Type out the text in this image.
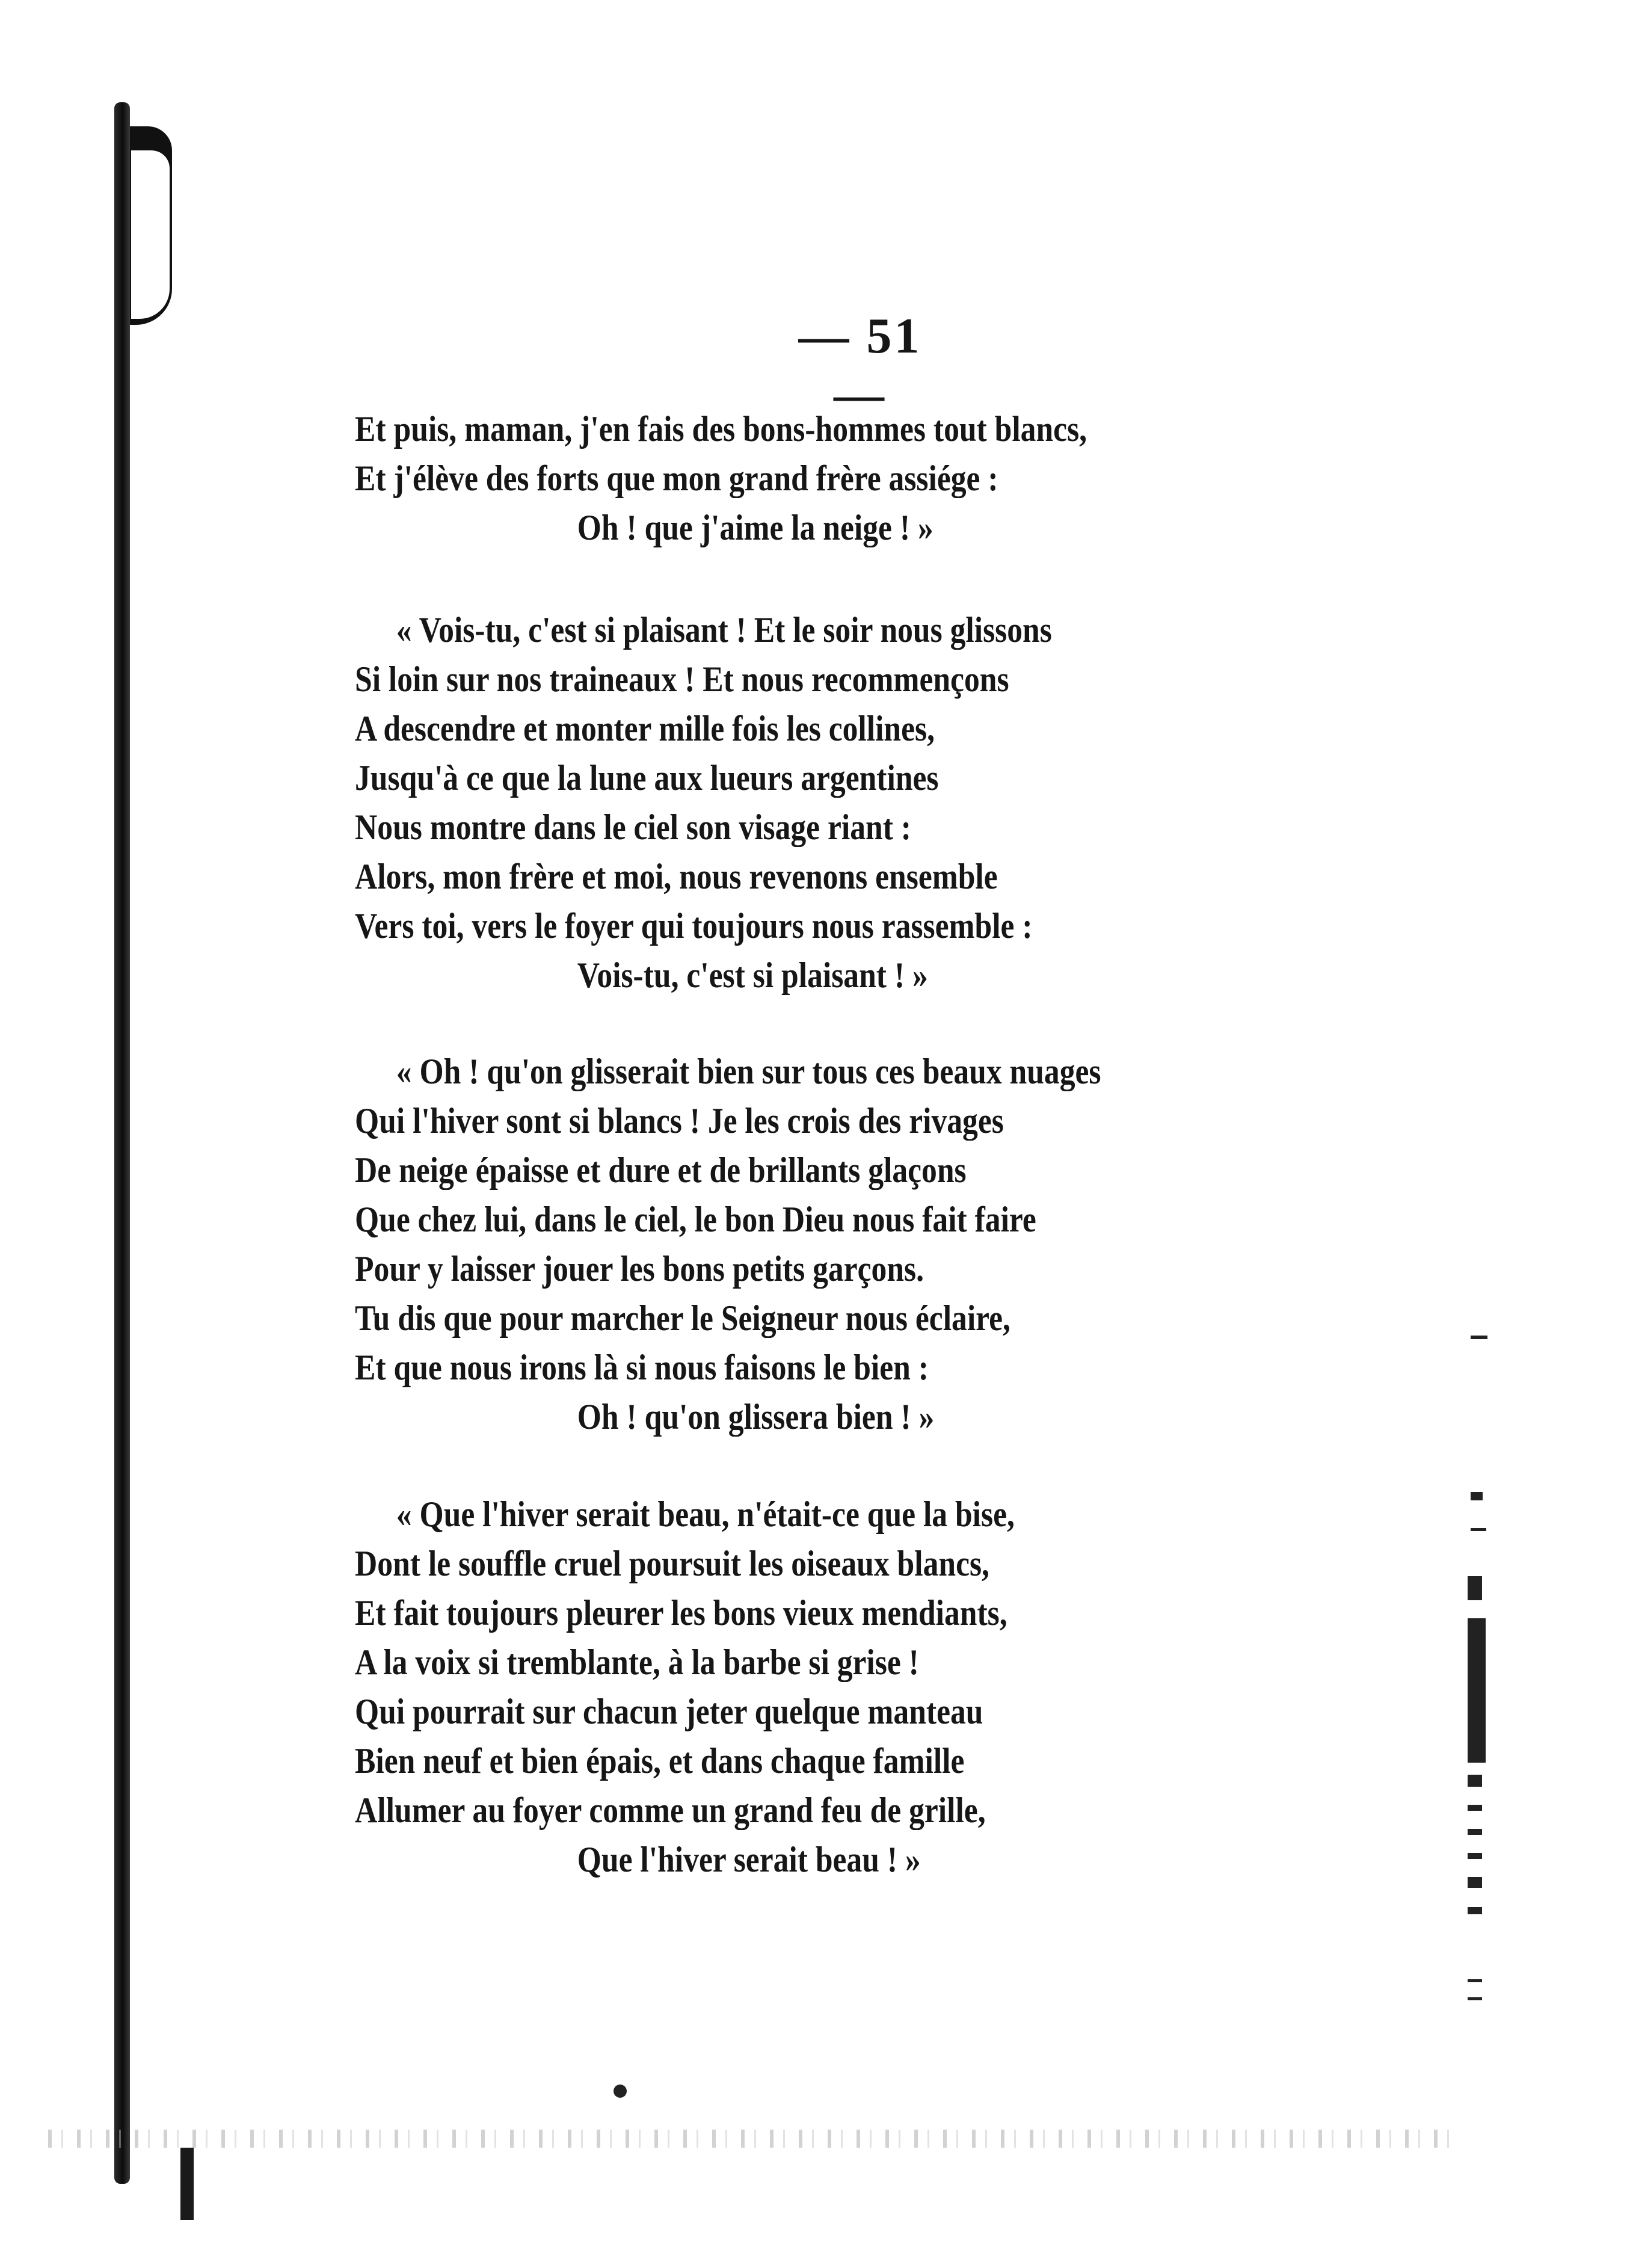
— 51 —
Et puis, maman, j'en fais des bons-hommes tout blancs,
Et j'élève des forts que mon grand frère assiége :
Oh ! que j'aime la neige ! »
« Vois-tu, c'est si plaisant ! Et le soir nous glissons
Si loin sur nos traineaux ! Et nous recommençons
A descendre et monter mille fois les collines,
Jusqu'à ce que la lune aux lueurs argentines
Nous montre dans le ciel son visage riant :
Alors, mon frère et moi, nous revenons ensemble
Vers toi, vers le foyer qui toujours nous rassemble :
Vois-tu, c'est si plaisant ! »
« Oh ! qu'on glisserait bien sur tous ces beaux nuages
Qui l'hiver sont si blancs ! Je les crois des rivages
De neige épaisse et dure et de brillants glaçons
Que chez lui, dans le ciel, le bon Dieu nous fait faire
Pour y laisser jouer les bons petits garçons.
Tu dis que pour marcher le Seigneur nous éclaire,
Et que nous irons là si nous faisons le bien :
Oh ! qu'on glissera bien ! »
« Que l'hiver serait beau, n'était-ce que la bise,
Dont le souffle cruel poursuit les oiseaux blancs,
Et fait toujours pleurer les bons vieux mendiants,
A la voix si tremblante, à la barbe si grise !
Qui pourrait sur chacun jeter quelque manteau
Bien neuf et bien épais, et dans chaque famille
Allumer au foyer comme un grand feu de grille,
Que l'hiver serait beau ! »
